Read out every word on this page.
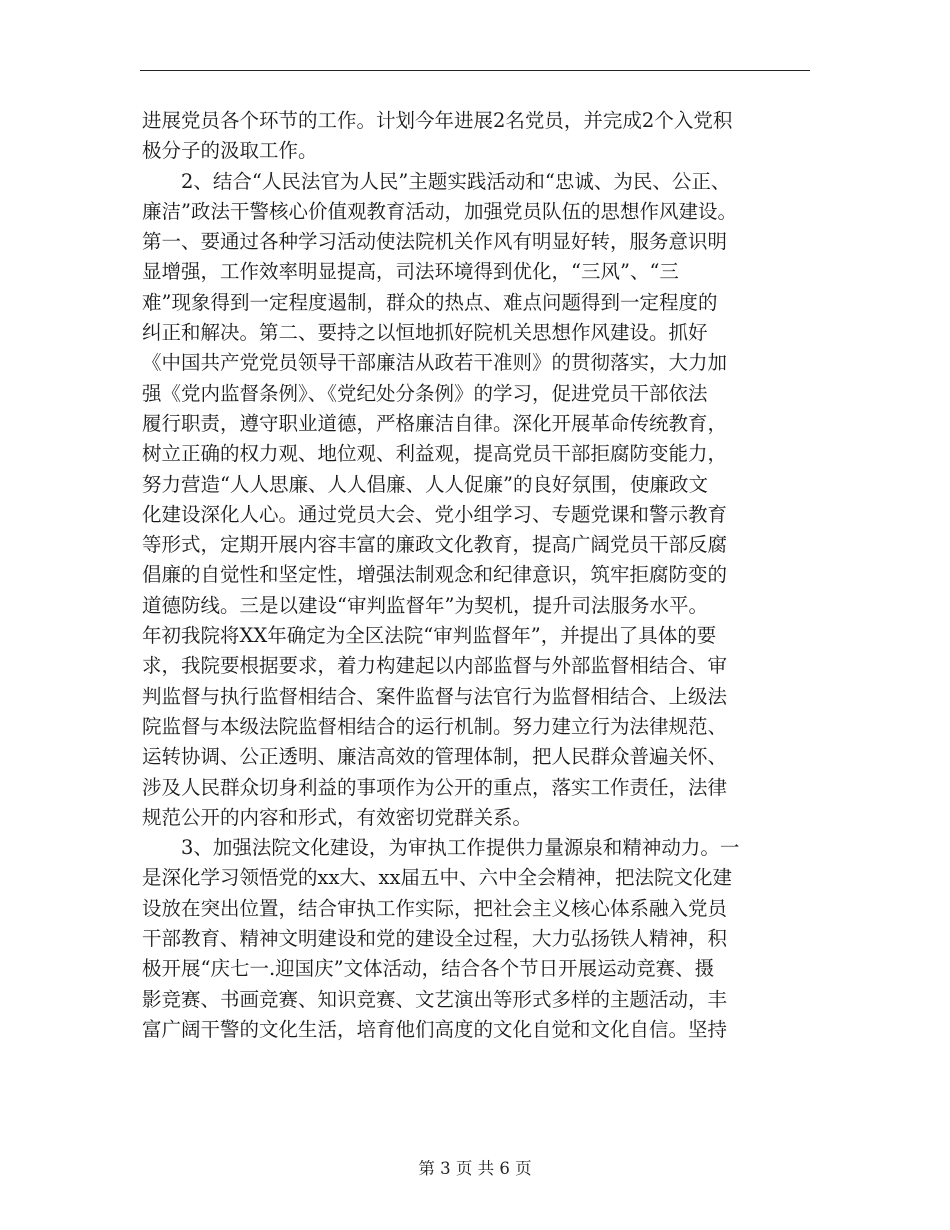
进展党员各个环节的工作。计划今年进展2名党员，并完成2个入党积
极分子的汲取工作。
　　2、结合“人民法官为人民”主题实践活动和“忠诚、为民、公正、
廉洁”政法干警核心价值观教育活动，加强党员队伍的思想作风建设。
第一、要通过各种学习活动使法院机关作风有明显好转，服务意识明
显增强，工作效率明显提高，司法环境得到优化，“三风”、“三
难”现象得到一定程度遏制，群众的热点、难点问题得到一定程度的
纠正和解决。第二、要持之以恒地抓好院机关思想作风建设。抓好
《中国共产党党员领导干部廉洁从政若干准则》的贯彻落实，大力加
强《党内监督条例》、《党纪处分条例》的学习，促进党员干部依法
履行职责，遵守职业道德，严格廉洁自律。深化开展革命传统教育，
树立正确的权力观、地位观、利益观，提高党员干部拒腐防变能力，
努力营造“人人思廉、人人倡廉、人人促廉”的良好氛围，使廉政文
化建设深化人心。通过党员大会、党小组学习、专题党课和警示教育
等形式，定期开展内容丰富的廉政文化教育，提高广阔党员干部反腐
倡廉的自觉性和坚定性，增强法制观念和纪律意识，筑牢拒腐防变的
道德防线。三是以建设“审判监督年”为契机，提升司法服务水平。
年初我院将XX年确定为全区法院“审判监督年”，并提出了具体的要
求，我院要根据要求，着力构建起以内部监督与外部监督相结合、审
判监督与执行监督相结合、案件监督与法官行为监督相结合、上级法
院监督与本级法院监督相结合的运行机制。努力建立行为法律规范、
运转协调、公正透明、廉洁高效的管理体制，把人民群众普遍关怀、
涉及人民群众切身利益的事项作为公开的重点，落实工作责任，法律
规范公开的内容和形式，有效密切党群关系。
　　3、加强法院文化建设，为审执工作提供力量源泉和精神动力。一
是深化学习领悟党的xx大、xx届五中、六中全会精神，把法院文化建
设放在突出位置，结合审执工作实际，把社会主义核心体系融入党员
干部教育、精神文明建设和党的建设全过程，大力弘扬铁人精神，积
极开展“庆七一.迎国庆”文体活动，结合各个节日开展运动竞赛、摄
影竞赛、书画竞赛、知识竞赛、文艺演出等形式多样的主题活动，丰
富广阔干警的文化生活，培育他们高度的文化自觉和文化自信。坚持
第 3 页 共 6 页
